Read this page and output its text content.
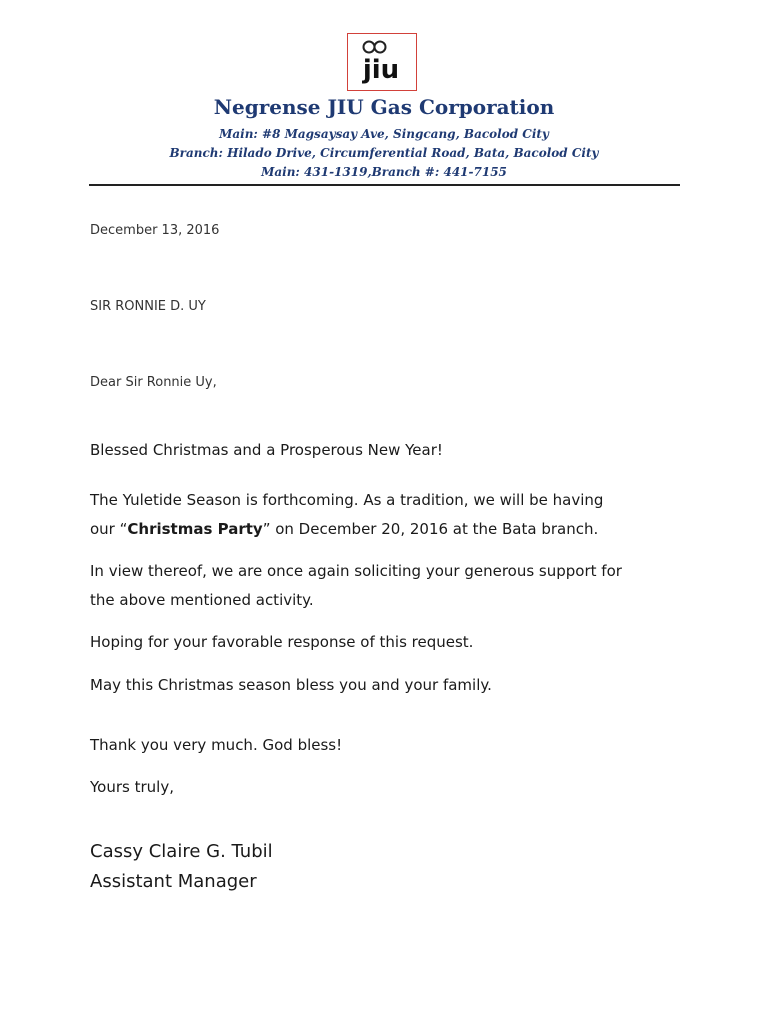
jiu
Negrense JIU Gas Corporation
Main: #8 Magsaysay Ave, Singcang, Bacolod City
Branch: Hilado Drive, Circumferential Road, Bata, Bacolod City
Main: 431-1319,Branch #: 441-7155
December 13, 2016
SIR RONNIE D. UY
Dear Sir Ronnie Uy,
Blessed Christmas and a Prosperous New Year!
The Yuletide Season is forthcoming. As a tradition, we will be having
our “Christmas Party” on December 20, 2016 at the Bata branch.
In view thereof, we are once again soliciting your generous support for
the above mentioned activity.
Hoping for your favorable response of this request.
May this Christmas season bless you and your family.
Thank you very much. God bless!
Yours truly,
Cassy Claire G. Tubil
Assistant Manager
